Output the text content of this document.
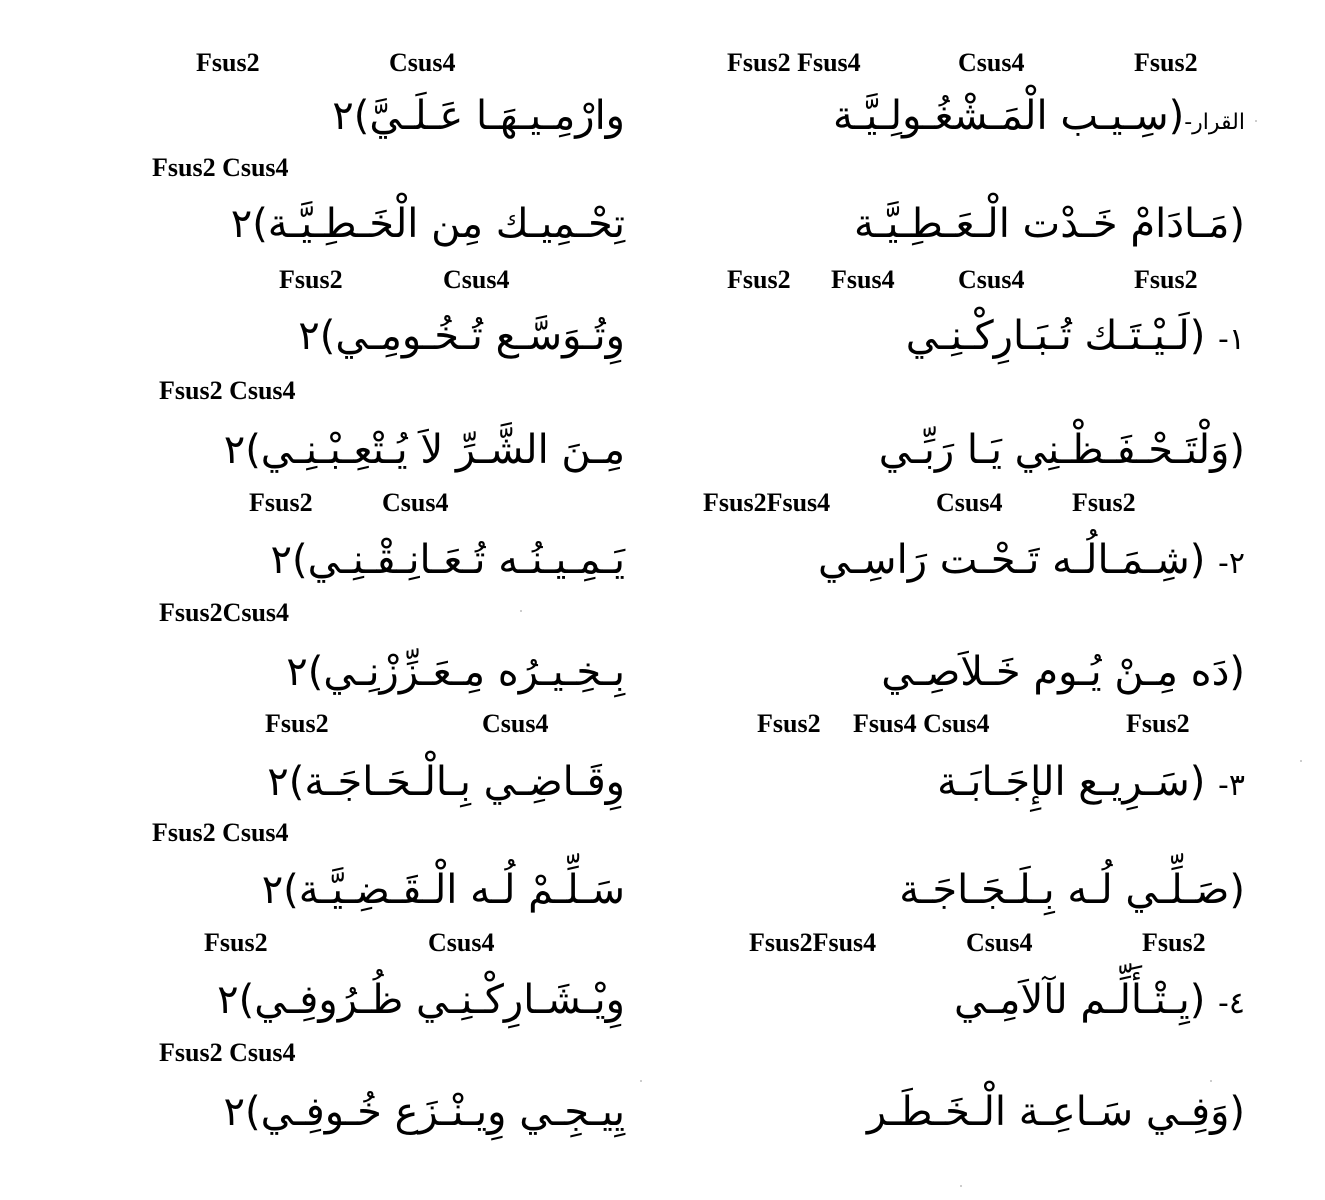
Fsus2	Csus4	Fsus2 Fsus4	Csus4	Fsus2
القرار-(سِـيـب الْمَـشْغُـولِـيَّـة
وارْمِـيـهَـا عَـلَـيَّ)٢
Fsus2 Csus4
(مَـادَامْ خَـدْت الْـعَـطِـيَّـة
تِحْـمِيـك مِن الْخَـطِـيَّـة)٢
Fsus2	Csus4	Fsus2 Fsus4 Csus4	Fsus2
١- (لَـيْـتَـك تُـبَـارِكْـنِـي
وِتُـوَسَّـع تُـخُـومِـي)٢
Fsus2 Csus4
(وَلْتَـحْـفَـظْـنِي يَـا رَبِّـي
مِـنَ الشَّـرِّ لاَ يُـتْعِـبْـنِـي)٢
Fsus2	Csus4	Fsus2Fsus4	Csus4	Fsus2
٢- (شِـمَـالُـه تَـحْـت رَاسِـي
يَـمِـيـنُـه تُـعَـانِـقْـنِـي)٢
Fsus2Csus4
(دَه مِـنْ يُـوم خَـلاَصِـي
بِـخِـيـرُه مِـعَـزِّزْنِـي)٢
Fsus2	Csus4	Fsus2 Fsus4 Csus4	Fsus2
٣- (سَـرِيـع الإِجَـابَـة
وِقَـاضِـي بِـالْـحَـاجَـة)٢
Fsus2 Csus4
(صَـلِّـي لُـه بِـلَـجَـاجَـة
سَـلِّـمْ لُـه الْـقَـضِـيَّـة)٢
Fsus2	Csus4	Fsus2Fsus4	Csus4	Fsus2
٤- (يِـتْـأَلِّـم لآلاَمِـي
وِيْـشَـارِكْـنِـي ظُـرُوفِـي)٢
Fsus2 Csus4
(وَفِـي سَـاعِـة الْـخَـطَـر
يِيـجِـي وِيـنْـزَع خُـوفِـي)٢
